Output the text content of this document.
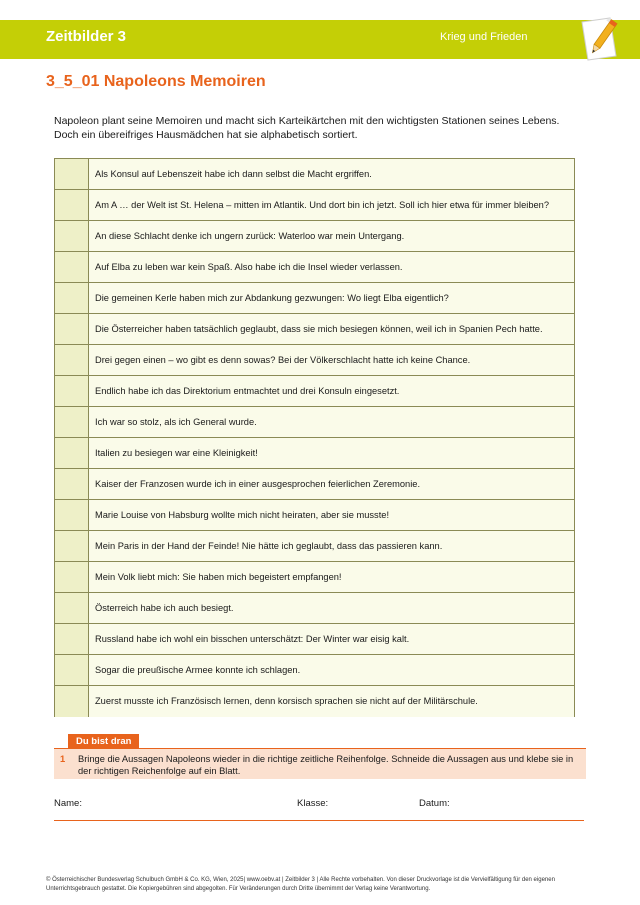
Zeitbilder 3	Krieg und Frieden
3_5_01 Napoleons Memoiren
Napoleon plant seine Memoiren und macht sich Karteikärtchen mit den wichtigsten Stationen seines Lebens. Doch ein übereifriges Hausmädchen hat sie alphabetisch sortiert.
Als Konsul auf Lebenszeit habe ich dann selbst die Macht ergriffen.
Am A … der Welt ist St. Helena – mitten im Atlantik. Und dort bin ich jetzt. Soll ich hier etwa für immer bleiben?
An diese Schlacht denke ich ungern zurück: Waterloo war mein Untergang.
Auf Elba zu leben war kein Spaß. Also habe ich die Insel wieder verlassen.
Die gemeinen Kerle haben mich zur Abdankung gezwungen: Wo liegt Elba eigentlich?
Die Österreicher haben tatsächlich geglaubt, dass sie mich besiegen können, weil ich in Spanien Pech hatte.
Drei gegen einen – wo gibt es denn sowas? Bei der Völkerschlacht hatte ich keine Chance.
Endlich habe ich das Direktorium entmachtet und drei Konsuln eingesetzt.
Ich war so stolz, als ich General wurde.
Italien zu besiegen war eine Kleinigkeit!
Kaiser der Franzosen wurde ich in einer ausgesprochen feierlichen Zeremonie.
Marie Louise von Habsburg wollte mich nicht heiraten, aber sie musste!
Mein Paris in der Hand der Feinde! Nie hätte ich geglaubt, dass das passieren kann.
Mein Volk liebt mich: Sie haben mich begeistert empfangen!
Österreich habe ich auch besiegt.
Russland habe ich wohl ein bisschen unterschätzt: Der Winter war eisig kalt.
Sogar die preußische Armee konnte ich schlagen.
Zuerst musste ich Französisch lernen, denn korsisch sprachen sie nicht auf der Militärschule.
Du bist dran
1 Bringe die Aussagen Napoleons wieder in die richtige zeitliche Reihenfolge. Schneide die Aussagen aus und klebe sie in der richtigen Reichenfolge auf ein Blatt.
Name:	Klasse:	Datum:
© Österreichischer Bundesverlag Schulbuch GmbH & Co. KG, Wien, 2025| www.oebv.at | Zeitbilder 3 | Alle Rechte vorbehalten. Von dieser Druckvorlage ist die Vervielfältigung für den eigenen Unterrichtsgebrauch gestattet. Die Kopiergebühren sind abgegolten. Für Veränderungen durch Dritte übernimmt der Verlag keine Verantwortung.
